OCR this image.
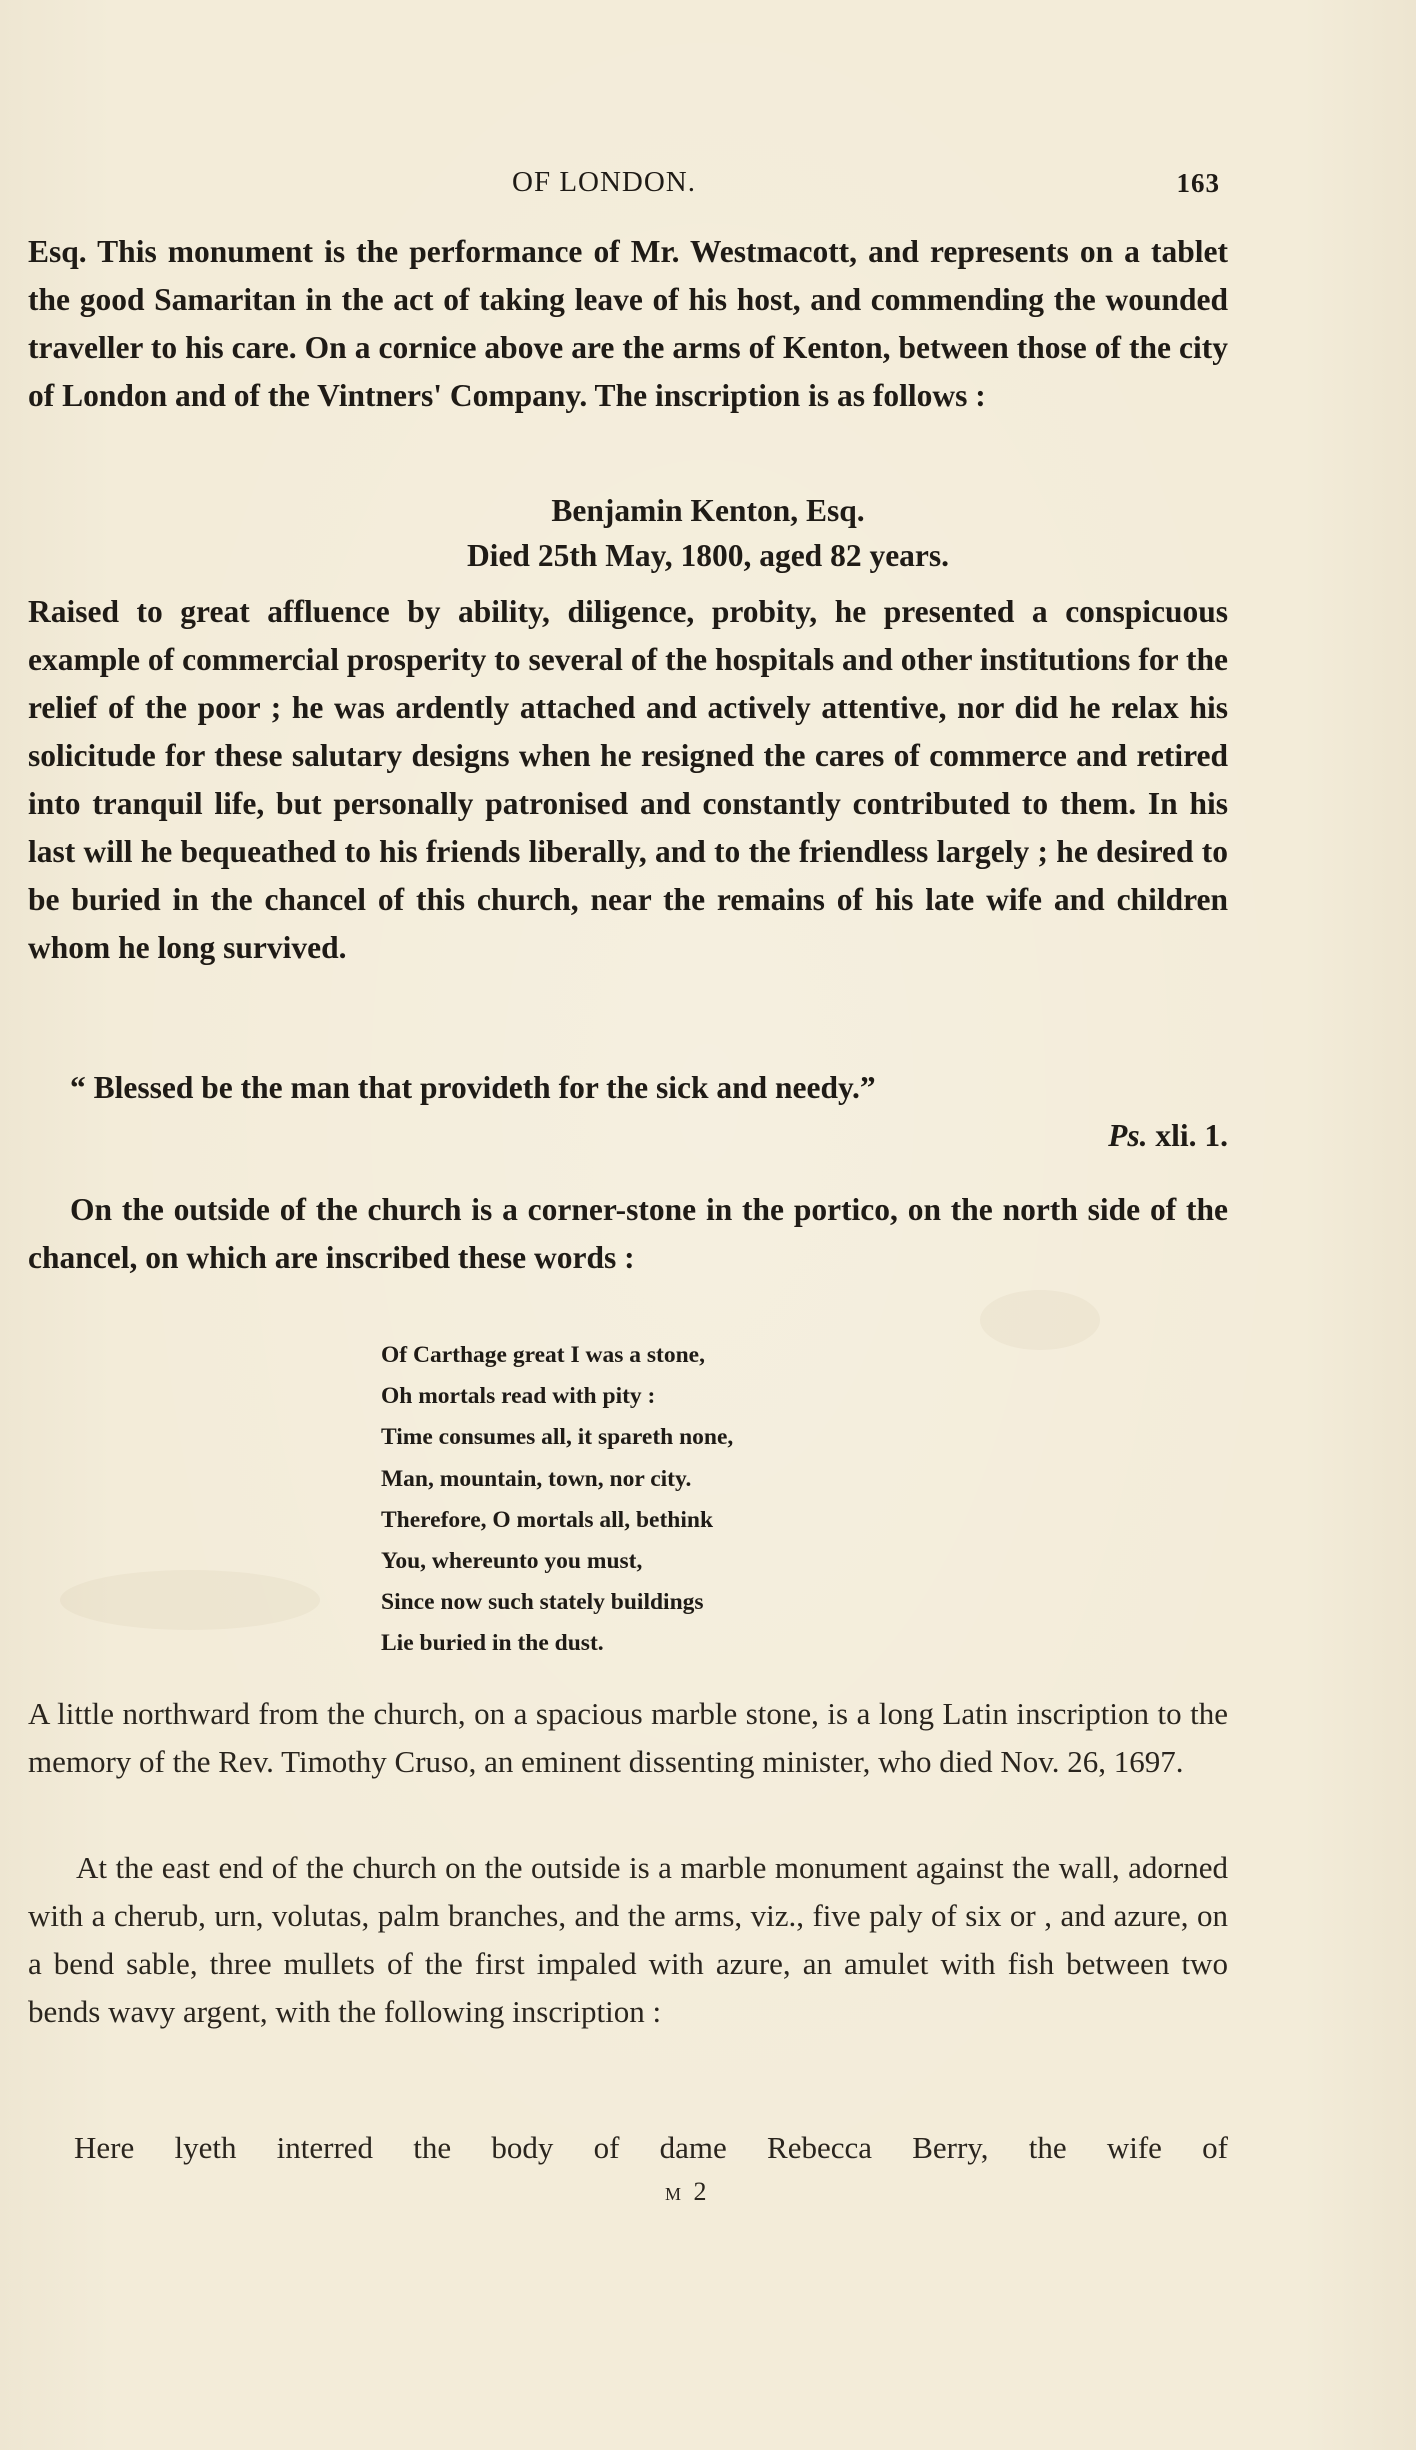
OF LONDON.	163
Esq. This monument is the performance of Mr. Westmacott, and represents on a tablet the good Samaritan in the act of taking leave of his host, and commending the wounded traveller to his care. On a cornice above are the arms of Kenton, between those of the city of London and of the Vintners' Company. The inscription is as follows :
Benjamin Kenton, Esq.
Died 25th May, 1800, aged 82 years.
Raised to great affluence by ability, diligence, probity, he presented a conspicuous example of commercial prosperity to several of the hospitals and other institutions for the relief of the poor ; he was ardently attached and actively attentive, nor did he relax his solicitude for these salutary designs when he resigned the cares of commerce and retired into tranquil life, but personally patronised and constantly contributed to them. In his last will he bequeathed to his friends liberally, and to the friendless largely ; he desired to be buried in the chancel of this church, near the remains of his late wife and children whom he long survived.
“ Blessed be the man that provideth for the sick and needy.”
Ps. xli. 1.
On the outside of the church is a corner-stone in the portico, on the north side of the chancel, on which are inscribed these words :
Of Carthage great I was a stone,
Oh mortals read with pity :
Time consumes all, it spareth none,
Man, mountain, town, nor city.
Therefore, O mortals all, bethink
You, whereunto you must,
Since now such stately buildings
Lie buried in the dust.
A little northward from the church, on a spacious marble stone, is a long Latin inscription to the memory of the Rev. Timothy Cruso, an eminent dissenting minister, who died Nov. 26, 1697.
At the east end of the church on the outside is a marble monument against the wall, adorned with a cherub, urn, volutas, palm branches, and the arms, viz., five paly of six or , and azure, on a bend sable, three mullets of the first impaled with azure, an amulet with fish between two bends wavy argent, with the following inscription :
Here lyeth interred the body of dame Rebecca Berry, the wife of
M 2
